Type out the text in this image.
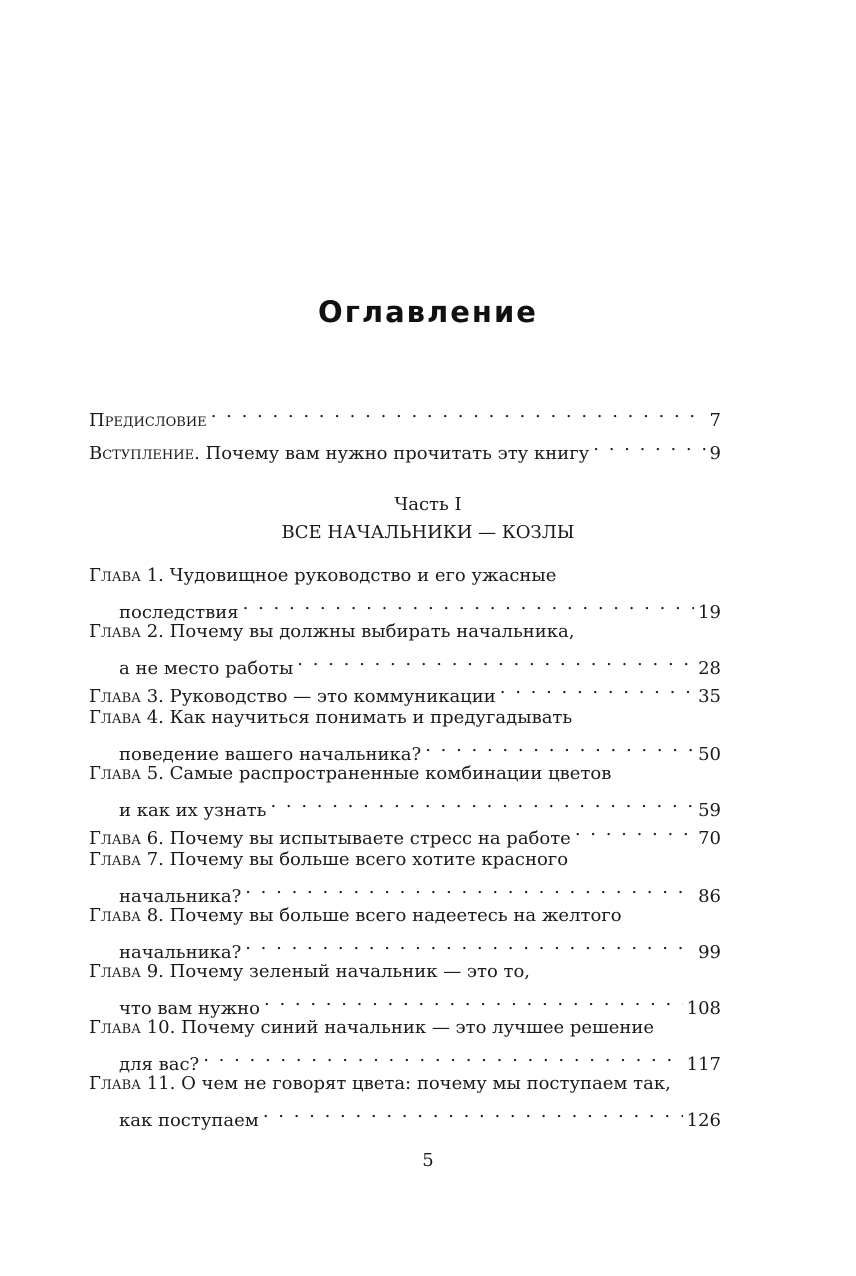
Оглавление
Предисловие . . .	7
Вступление. Почему вам нужно прочитать эту книгу . . .	9
Часть I
ВСЕ НАЧАЛЬНИКИ — КОЗЛЫ
Глава 1. Чудовищное руководство и его ужасные
последствия . . .	19
Глава 2. Почему вы должны выбирать начальника,
а не место работы . . .	28
Глава 3. Руководство — это коммуникации . . .	35
Глава 4. Как научиться понимать и предугадывать
поведение вашего начальника? . . .	50
Глава 5. Самые распространенные комбинации цветов
и как их узнать . . .	59
Глава 6. Почему вы испытываете стресс на работе . . .	70
Глава 7. Почему вы больше всего хотите красного
начальника? . . .	86
Глава 8. Почему вы больше всего надеетесь на желтого
начальника? . . .	99
Глава 9. Почему зеленый начальник — это то,
что вам нужно . . .	108
Глава 10. Почему синий начальник — это лучшее решение
для вас? . . .	117
Глава 11. О чем не говорят цвета: почему мы поступаем так,
как поступаем . . .	126
5
